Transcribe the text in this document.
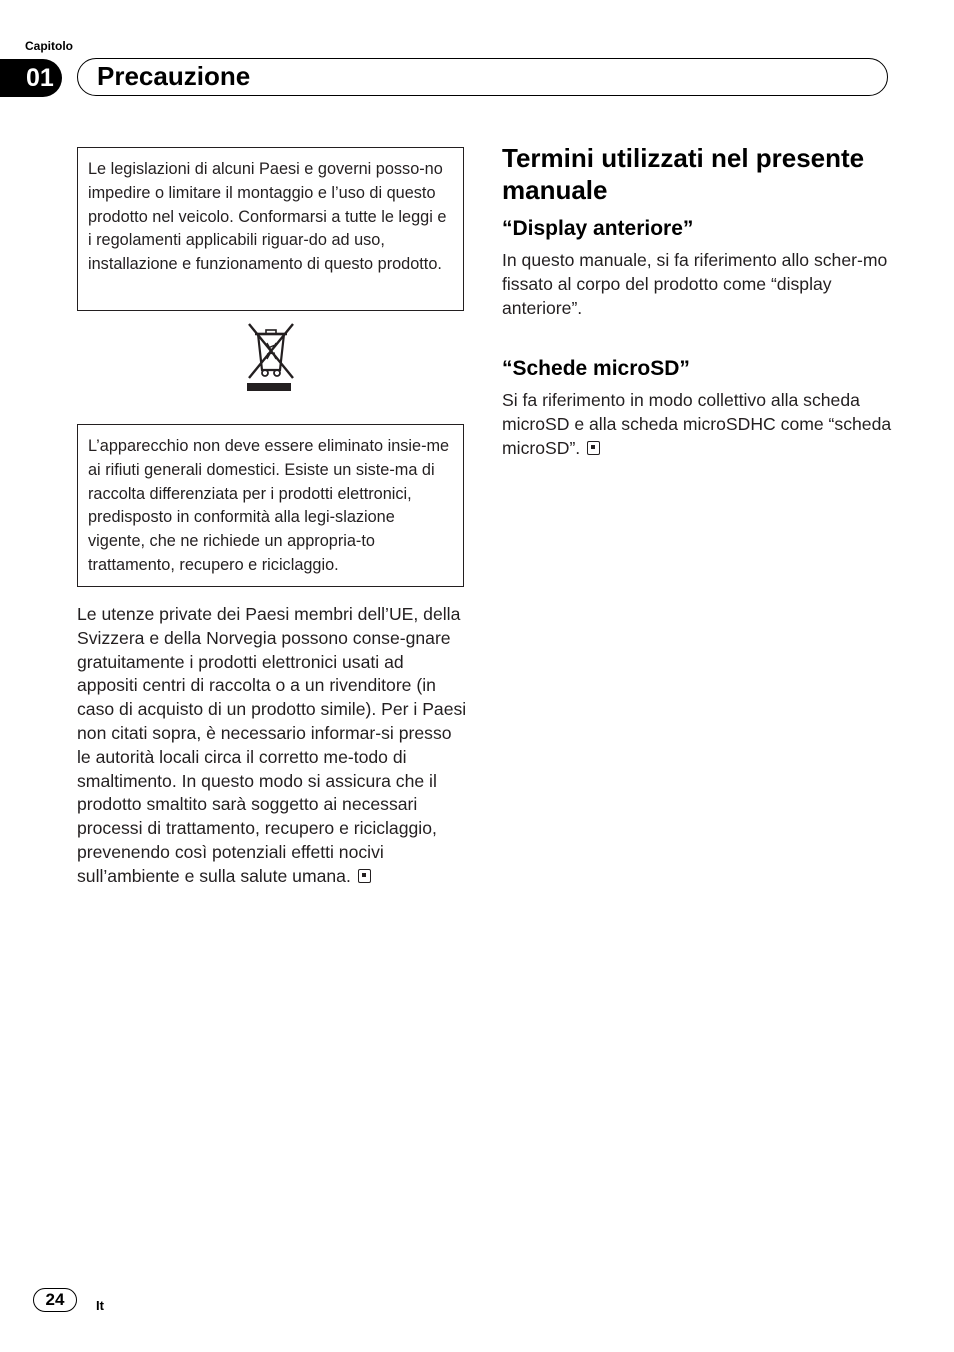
Capitolo
01	Precauzione
Le legislazioni di alcuni Paesi e governi posso-no impedire o limitare il montaggio e l’uso di questo prodotto nel veicolo. Conformarsi a tutte le leggi e i regolamenti applicabili riguar-do ad uso, installazione e funzionamento di questo prodotto.
L’apparecchio non deve essere eliminato insie-me ai rifiuti generali domestici. Esiste un siste-ma di raccolta differenziata per i prodotti elettronici, predisposto in conformità alla legi-slazione vigente, che ne richiede un appropria-to trattamento, recupero e riciclaggio.
Le utenze private dei Paesi membri dell’UE, della Svizzera e della Norvegia possono conse-gnare gratuitamente i prodotti elettronici usati ad appositi centri di raccolta o a un rivenditore (in caso di acquisto di un prodotto simile). Per i Paesi non citati sopra, è necessario informar-si presso le autorità locali circa il corretto me-todo di smaltimento. In questo modo si assicura che il prodotto smaltito sarà soggetto ai necessari processi di trattamento, recupero e riciclaggio, prevenendo così potenziali effetti nocivi sull’ambiente e sulla salute umana.
Termini utilizzati nel presente manuale
“Display anteriore”
In questo manuale, si fa riferimento allo scher-mo fissato al corpo del prodotto come “display anteriore”.
“Schede microSD”
Si fa riferimento in modo collettivo alla scheda microSD e alla scheda microSDHC come “scheda microSD”.
24	It
